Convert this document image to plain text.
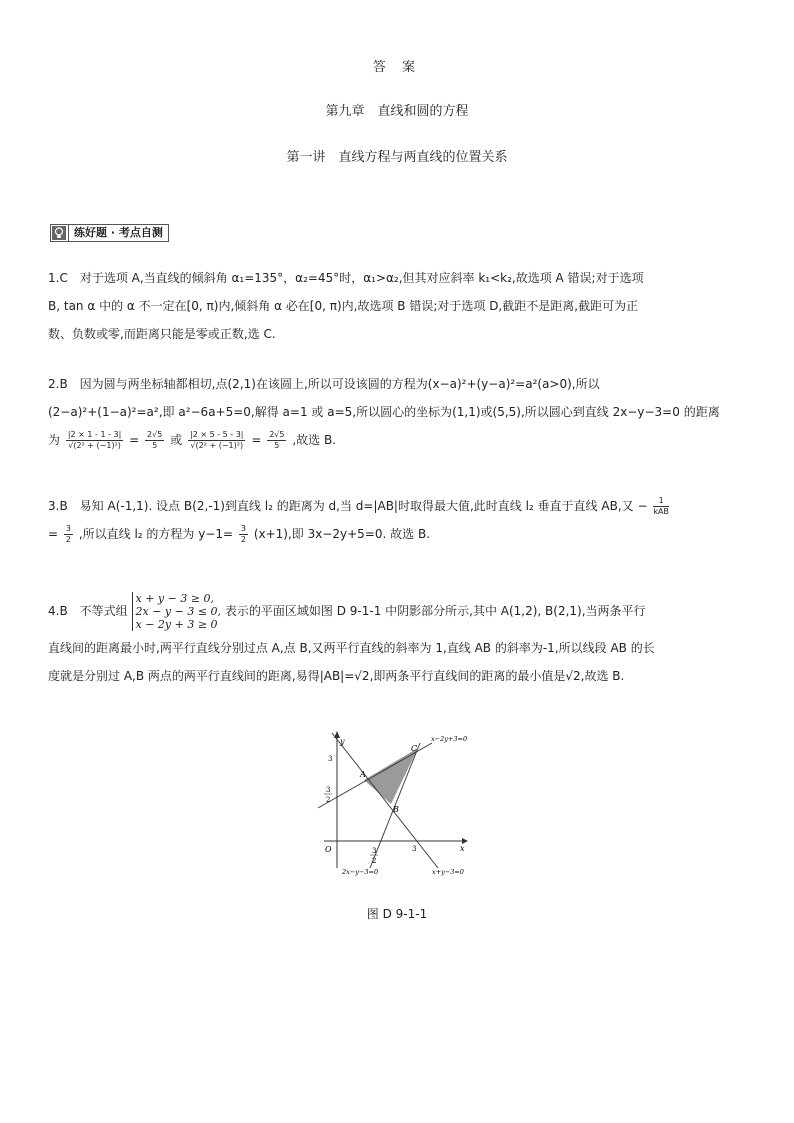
答 案
第九章　直线和圆的方程
第一讲　直线方程与两直线的位置关系
练好题 · 考点自测
1.C　对于选项 A,当直线的倾斜角 α₁=135°，α₂=45°时，α₁>α₂,但其对应斜率 k₁<k₂,故选项 A 错误;对于选项
B, tan α 中的 α 不一定在[0, π)内,倾斜角 α 必在[0, π)内,故选项 B 错误;对于选项 D,截距不是距离,截距可为正
数、负数或零,而距离只能是零或正数,选 C.
2.B　因为圆与两坐标轴都相切,点(2,1)在该圆上,所以可设该圆的方程为(x−a)²+(y−a)²=a²(a>0),所以
(2−a)²+(1−a)²=a²,即 a²−6a+5=0,解得 a=1 或 a=5,所以圆心的坐标为(1,1)或(5,5),所以圆心到直线 2x−y−3=0 的距离
为 $\frac{|2 \times 1 - 1 - 3|}{\text{√(2² + (−1)²)}} = \frac{2√5}{5}$ 或 $\frac{|2 \times 5 - 5 - 3|}{\text{√(2² + (−1)²)}} = \frac{2√5}{5}$ ,故选 B.
3.B　易知 A(-1,1). 设点 B(2,-1)到直线 l₂ 的距离为 d,当 d=|AB|时取得最大值,此时直线 l₂ 垂直于直线 AB,又 − $\frac{1}{\text{kAB}}$
= $\frac{3}{2}$ ,所以直线 l₂ 的方程为 $y-1= \frac{3}{2} (x+1)$,即 3x−2y+5=0. 故选 B.
4.B　不等式组
x + y − 3 ≥ 0,
2x − y − 3 ≤ 0,
x − 2y + 3 ≥ 0
表示的平面区域如图 D 9-1-1 中阴影部分所示,其中 A(1,2), B(2,1),当两条平行
直线间的距离最小时,两平行直线分别过点 A,点 B,又两平行直线的斜率为 1,直线 AB 的斜率为-1,所以线段 AB 的长
度就是分别过 A,B 两点的两平行直线间的距离,易得|AB|=√2,即两条平行直线间的距离的最小值是√2,故选 B.
y
x
O
3
3
2
3
2
3
A
B
C
x−2y+3=0
2x−y−3=0	x+y−3=0
图 D 9-1-1
